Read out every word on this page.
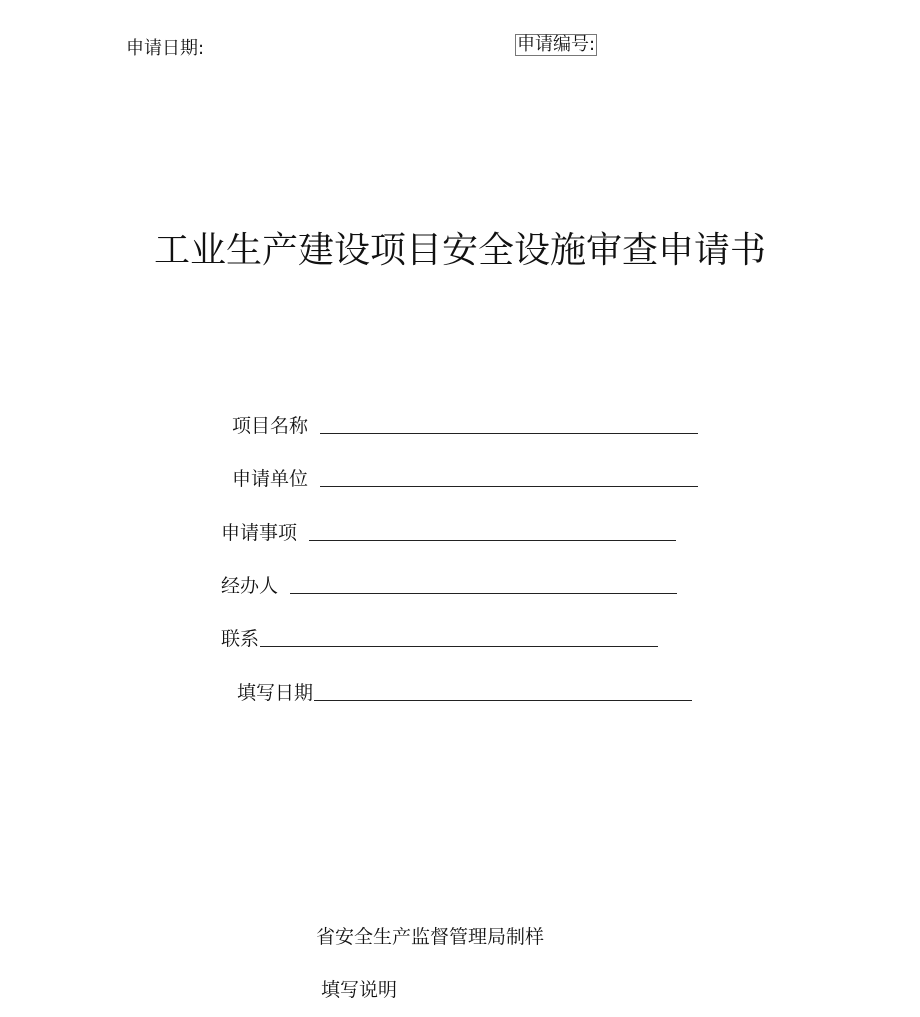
申请日期:	申请编号:
工业生产建设项目安全设施审查申请书
项目名称
申请单位
申请事项
经办人
联系
填写日期
省安全生产监督管理局制样
填写说明
